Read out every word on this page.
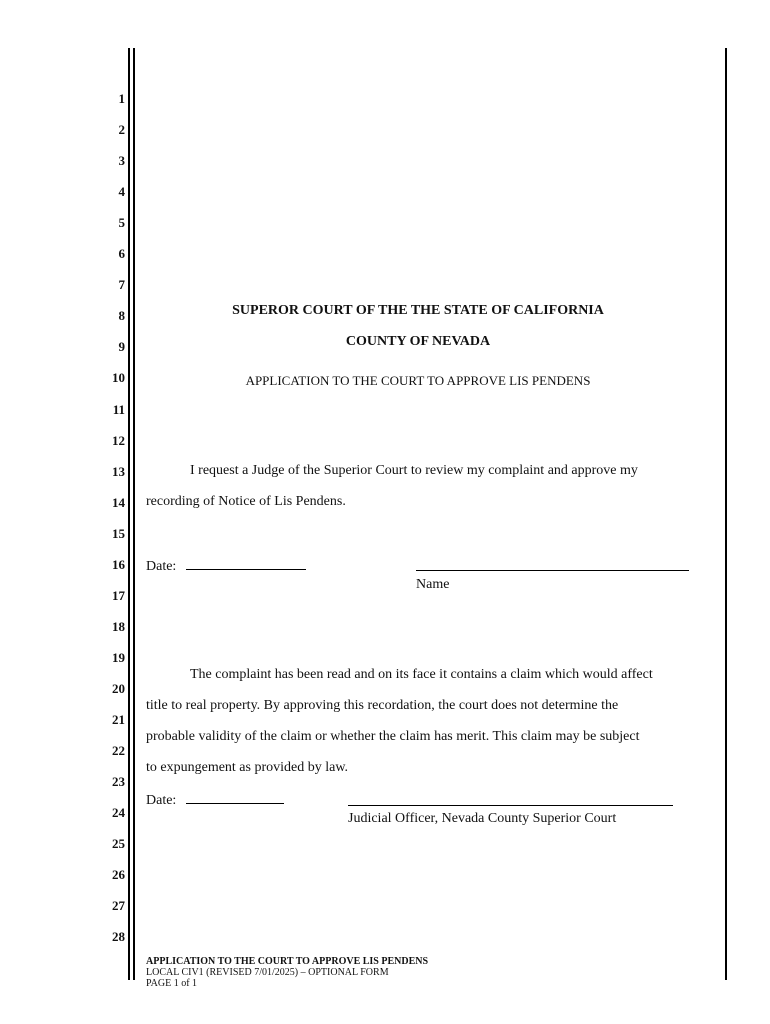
1
2
3
4
5
6
7
8
9
10
11
12
13
14
15
16
17
18
19
20
21
22
23
24
25
26
27
28
SUPEROR COURT OF THE THE STATE OF CALIFORNIA
COUNTY OF NEVADA
APPLICATION TO THE COURT TO APPROVE LIS PENDENS
I request a Judge of the Superior Court to review my complaint and approve my
recording of Notice of Lis Pendens.
Date:
Name
The complaint has been read and on its face it contains a claim which would affect
title to real property. By approving this recordation, the court does not determine the
probable validity of the claim or whether the claim has merit. This claim may be subject
to expungement as provided by law.
Date:
Judicial Officer, Nevada County Superior Court
APPLICATION TO THE COURT TO APPROVE LIS PENDENS
LOCAL CIV1 (REVISED 7/01/2025) – OPTIONAL FORM
PAGE 1 of 1
